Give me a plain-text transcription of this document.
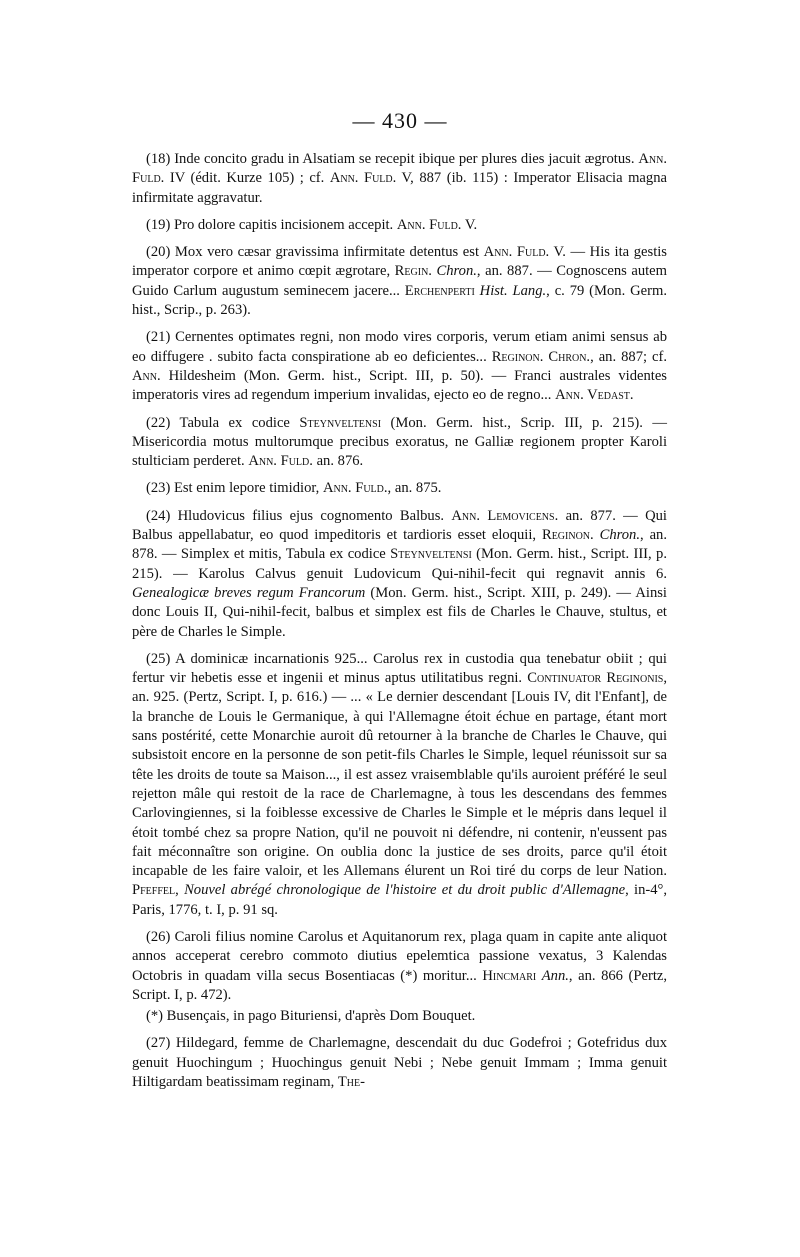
— 430 —

(18) Inde concito gradu in Alsatiam se recepit ibique per plures dies jacuit ægrotus. Ann. Fuld. IV (édit. Kurze 105) ; cf. Ann. Fuld. V, 887 (ib. 115) : Imperator Elisacia magna infirmitate aggravatur.

(19) Pro dolore capitis incisionem accepit. Ann. Fuld. V.

(20) Mox vero cæsar gravissima infirmitate detentus est Ann. Fuld. V. — His ita gestis imperator corpore et animo cœpit ægrotare, Regin. Chron., an. 887. — Cognoscens autem Guido Carlum augustum seminecem jacere... Erchenperti Hist. Lang., c. 79 (Mon. Germ. hist., Scrip., p. 263).

(21) Cernentes optimates regni, non modo vires corporis, verum etiam animi sensus ab eo diffugere . subito facta conspiratione ab eo deficientes... Reginon. Chron., an. 887; cf. Ann. Hildesheim (Mon. Germ. hist., Script. III, p. 50). — Franci australes videntes imperatoris vires ad regendum imperium invalidas, ejecto eo de regno... Ann. Vedast.

(22) Tabula ex codice Steynveltensi (Mon. Germ. hist., Scrip. III, p. 215). — Misericordia motus multorumque precibus exoratus, ne Galliæ regionem propter Karoli stulticiam perderet. Ann. Fuld. an. 876.

(23) Est enim lepore timidior, Ann. Fuld., an. 875.

(24) Hludovicus filius ejus cognomento Balbus. Ann. Lemovicens. an. 877. — Qui Balbus appellabatur, eo quod impeditoris et tardioris esset eloquii, Reginon. Chron., an. 878. — Simplex et mitis, Tabula ex codice Steynveltensi (Mon. Germ. hist., Script. III, p. 215). — Karolus Calvus genuit Ludovicum Qui-nihil-fecit qui regnavit annis 6. Genealogicæ breves regum Francorum (Mon. Germ. hist., Script. XIII, p. 249). — Ainsi donc Louis II, Qui-nihil-fecit, balbus et simplex est fils de Charles le Chauve, stultus, et père de Charles le Simple.

(25) A dominicæ incarnationis 925... Carolus rex in custodia qua tenebatur obiit ; qui fertur vir hebetis esse et ingenii et minus aptus utilitatibus regni. Continuator Reginonis, an. 925. (Pertz, Script. I, p. 616.) — ... « Le dernier descendant [Louis IV, dit l'Enfant], de la branche de Louis le Germanique, à qui l'Allemagne étoit échue en partage, étant mort sans postérité, cette Monarchie auroit dû retourner à la branche de Charles le Chauve, qui subsistoit encore en la personne de son petit-fils Charles le Simple, lequel réunissoit sur sa tête les droits de toute sa Maison..., il est assez vraisemblable qu'ils auroient préféré le seul rejetton mâle qui restoit de la race de Charlemagne, à tous les descendans des femmes Carlovingiennes, si la foiblesse excessive de Charles le Simple et le mépris dans lequel il étoit tombé chez sa propre Nation, qu'il ne pouvoit ni défendre, ni contenir, n'eussent pas fait méconnaître son origine. On oublia donc la justice de ses droits, parce qu'il étoit incapable de les faire valoir, et les Allemans élurent un Roi tiré du corps de leur Nation. Pfeffel, Nouvel abrégé chronologique de l'histoire et du droit public d'Allemagne, in-4°, Paris, 1776, t. I, p. 91 sq.

(26) Caroli filius nomine Carolus et Aquitanorum rex, plaga quam in capite ante aliquot annos acceperat cerebro commoto diutius epelemtica passione vexatus, 3 Kalendas Octobris in quadam villa secus Bosentiacas (*) moritur... Hincmari Ann., an. 866 (Pertz, Script. I, p. 472).

(*) Busençais, in pago Bituriensi, d'après Dom Bouquet.

(27) Hildegard, femme de Charlemagne, descendait du duc Godefroi ; Gotefridus dux genuit Huochingum ; Huochingus genuit Nebi ; Nebe genuit Immam ; Imma genuit Hiltigardam beatissimam reginam, The-
